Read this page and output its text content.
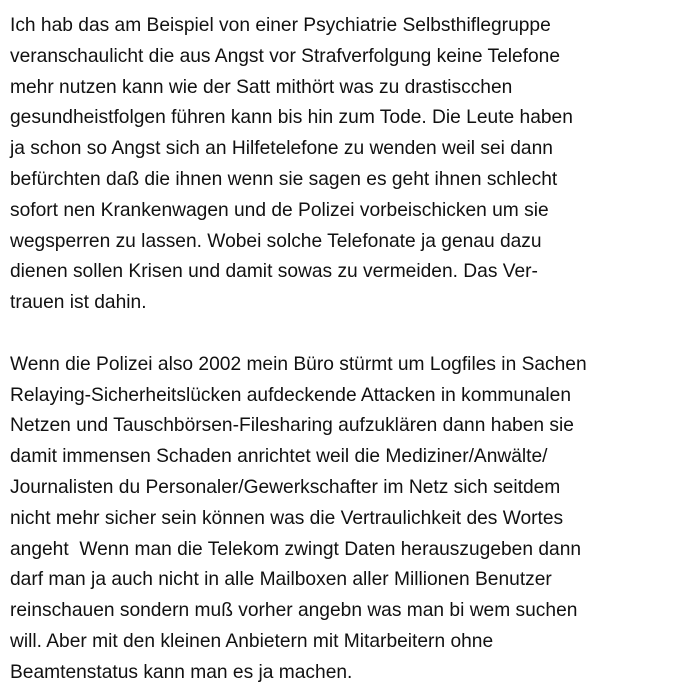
Ich hab das am Beispiel von einer Psychiatrie Selbsthiflegruppe
veranschaulicht die aus Angst vor Strafverfolgung keine Telefone
mehr nutzen kann wie der Satt mithört was zu drastiscchen
gesundheistfolgen führen kann bis hin zum Tode. Die Leute haben
ja schon so Angst sich an Hilfetelefone zu wenden weil sei dann
befürchten daß die ihnen wenn sie sagen es geht ihnen schlecht
sofort nen Krankenwagen und de Polizei vorbeischicken um sie
wegsperren zu lassen. Wobei solche Telefonate ja genau dazu
dienen sollen Krisen und damit sowas zu vermeiden. Das Ver-
trauen ist dahin.
Wenn die Polizei also 2002 mein Büro stürmt um Logfiles in Sachen
Relaying-Sicherheitslücken aufdeckende Attacken in kommunalen
Netzen und Tauschbörsen-Filesharing aufzuklären dann haben sie
damit immensen Schaden anrichtet weil die Mediziner/Anwälte/
Journalisten du Personaler/Gewerkschafter im Netz sich seitdem
nicht mehr sicher sein können was die Vertraulichkeit des Wortes
angeht  Wenn man die Telekom zwingt Daten herauszugeben dann
darf man ja auch nicht in alle Mailboxen aller Millionen Benutzer
reinschauen sondern muß vorher angebn was man bi wem suchen
will. Aber mit den kleinen Anbietern mit Mitarbeitern ohne
Beamtenstatus kann man es ja machen.
